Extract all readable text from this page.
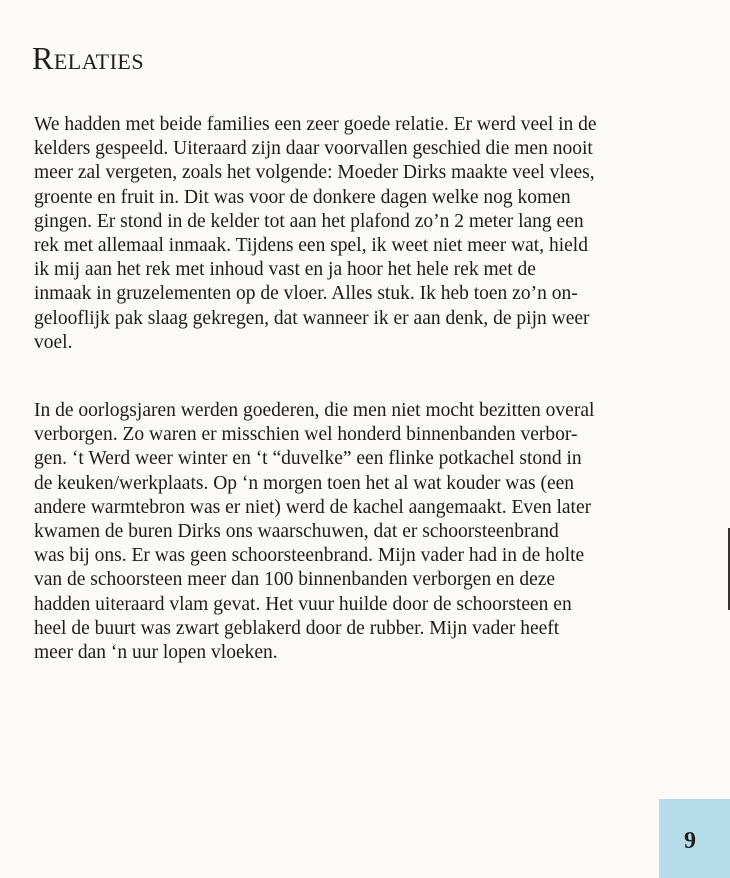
Relaties
We hadden met beide families een zeer goede relatie. Er werd veel in de
kelders gespeeld. Uiteraard zijn daar voorvallen geschied die men nooit
meer zal vergeten, zoals het volgende: Moeder Dirks maakte veel vlees,
groente en fruit in. Dit was voor de donkere dagen welke nog komen
gingen. Er stond in de kelder tot aan het plafond zo’n 2 meter lang een
rek met allemaal inmaak. Tijdens een spel, ik weet niet meer wat, hield
ik mij aan het rek met inhoud vast en ja hoor het hele rek met de
inmaak in gruzelementen op de vloer. Alles stuk. Ik heb toen zo’n on-
gelooflijk pak slaag gekregen, dat wanneer ik er aan denk, de pijn weer
voel.
In de oorlogsjaren werden goederen, die men niet mocht bezitten overal
verborgen. Zo waren er misschien wel honderd binnenbanden verbor-
gen. ‘t Werd weer winter en ‘t “duvelke” een flinke potkachel stond in
de keuken/werkplaats. Op ‘n morgen toen het al wat kouder was (een
andere warmtebron was er niet) werd de kachel aangemaakt. Even later
kwamen de buren Dirks ons waarschuwen, dat er schoorsteenbrand
was bij ons. Er was geen schoorsteenbrand. Mijn vader had in de holte
van de schoorsteen meer dan 100 binnenbanden verborgen en deze
hadden uiteraard vlam gevat. Het vuur huilde door de schoorsteen en
heel de buurt was zwart geblakerd door de rubber. Mijn vader heeft
meer dan ‘n uur lopen vloeken.
9
